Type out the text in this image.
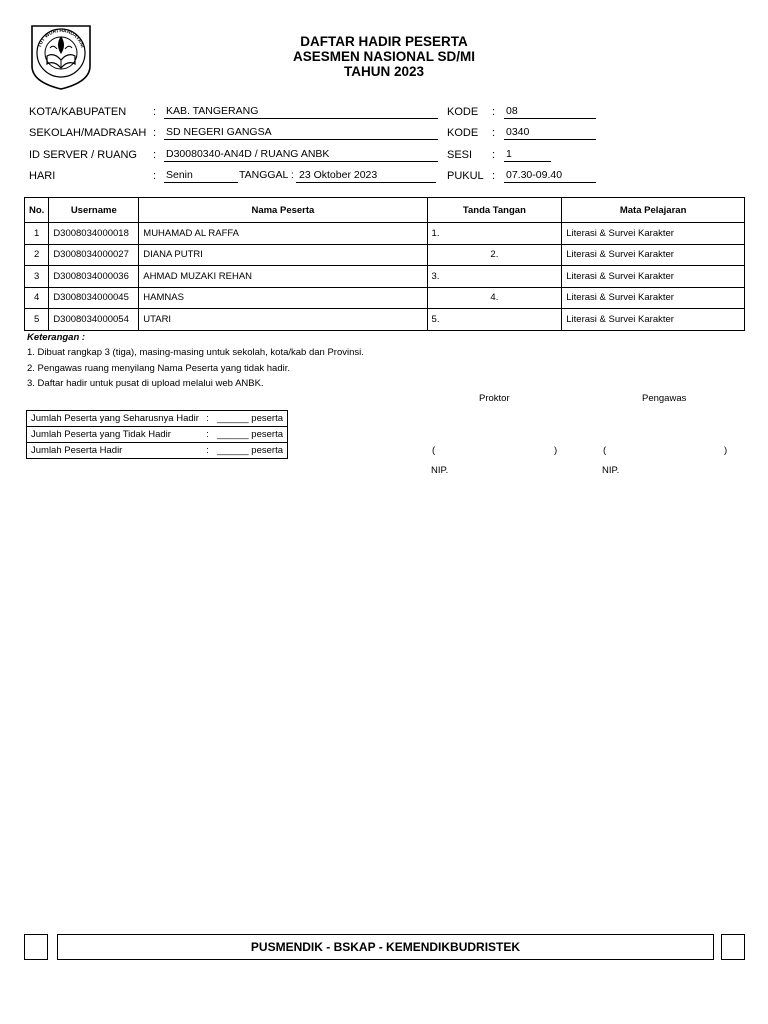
TUT WURI HANDAYANI	DAFTAR HADIR PESERTA
ASESMEN NASIONAL SD/MI
TAHUN 2023
KOTA/KABUPATEN : KAB. TANGERANG
SEKOLAH/MADRASAH : SD NEGERI GANGSA
ID SERVER / RUANG : D30080340-AN4D / RUANG ANBK
HARI	: Senin	TANGGAL : 23 Oktober 2023
KODE : 08
KODE : 0340
SESI : 1
PUKUL : 07.30-09.40
No.	Username	Nama Peserta	Tanda Tangan	Mata Pelajaran
1	D3008034000018	MUHAMAD AL RAFFA	1.	Literasi & Survei Karakter
2	D3008034000027	DIANA PUTRI	2.	Literasi & Survei Karakter
3	D3008034000036	AHMAD MUZAKI REHAN	3.	Literasi & Survei Karakter
4	D3008034000045	HAMNAS	4.	Literasi & Survei Karakter
5	D3008034000054	UTARI	5.	Literasi & Survei Karakter
Keterangan :
1. Dibuat rangkap 3 (tiga), masing-masing untuk sekolah, kota/kab dan Provinsi.
2. Pengawas ruang menyilang Nama Peserta yang tidak hadir.
3. Daftar hadir untuk pusat di upload melalui web ANBK.
Proktor	Pengawas
(	)	(	)
NIP.	NIP.
Jumlah Peserta yang Seharusnya Hadir	:	______ peserta
Jumlah Peserta yang Tidak Hadir	:	______ peserta
Jumlah Peserta Hadir	:	______ peserta
PUSMENDIK - BSKAP - KEMENDIKBUDRISTEK
